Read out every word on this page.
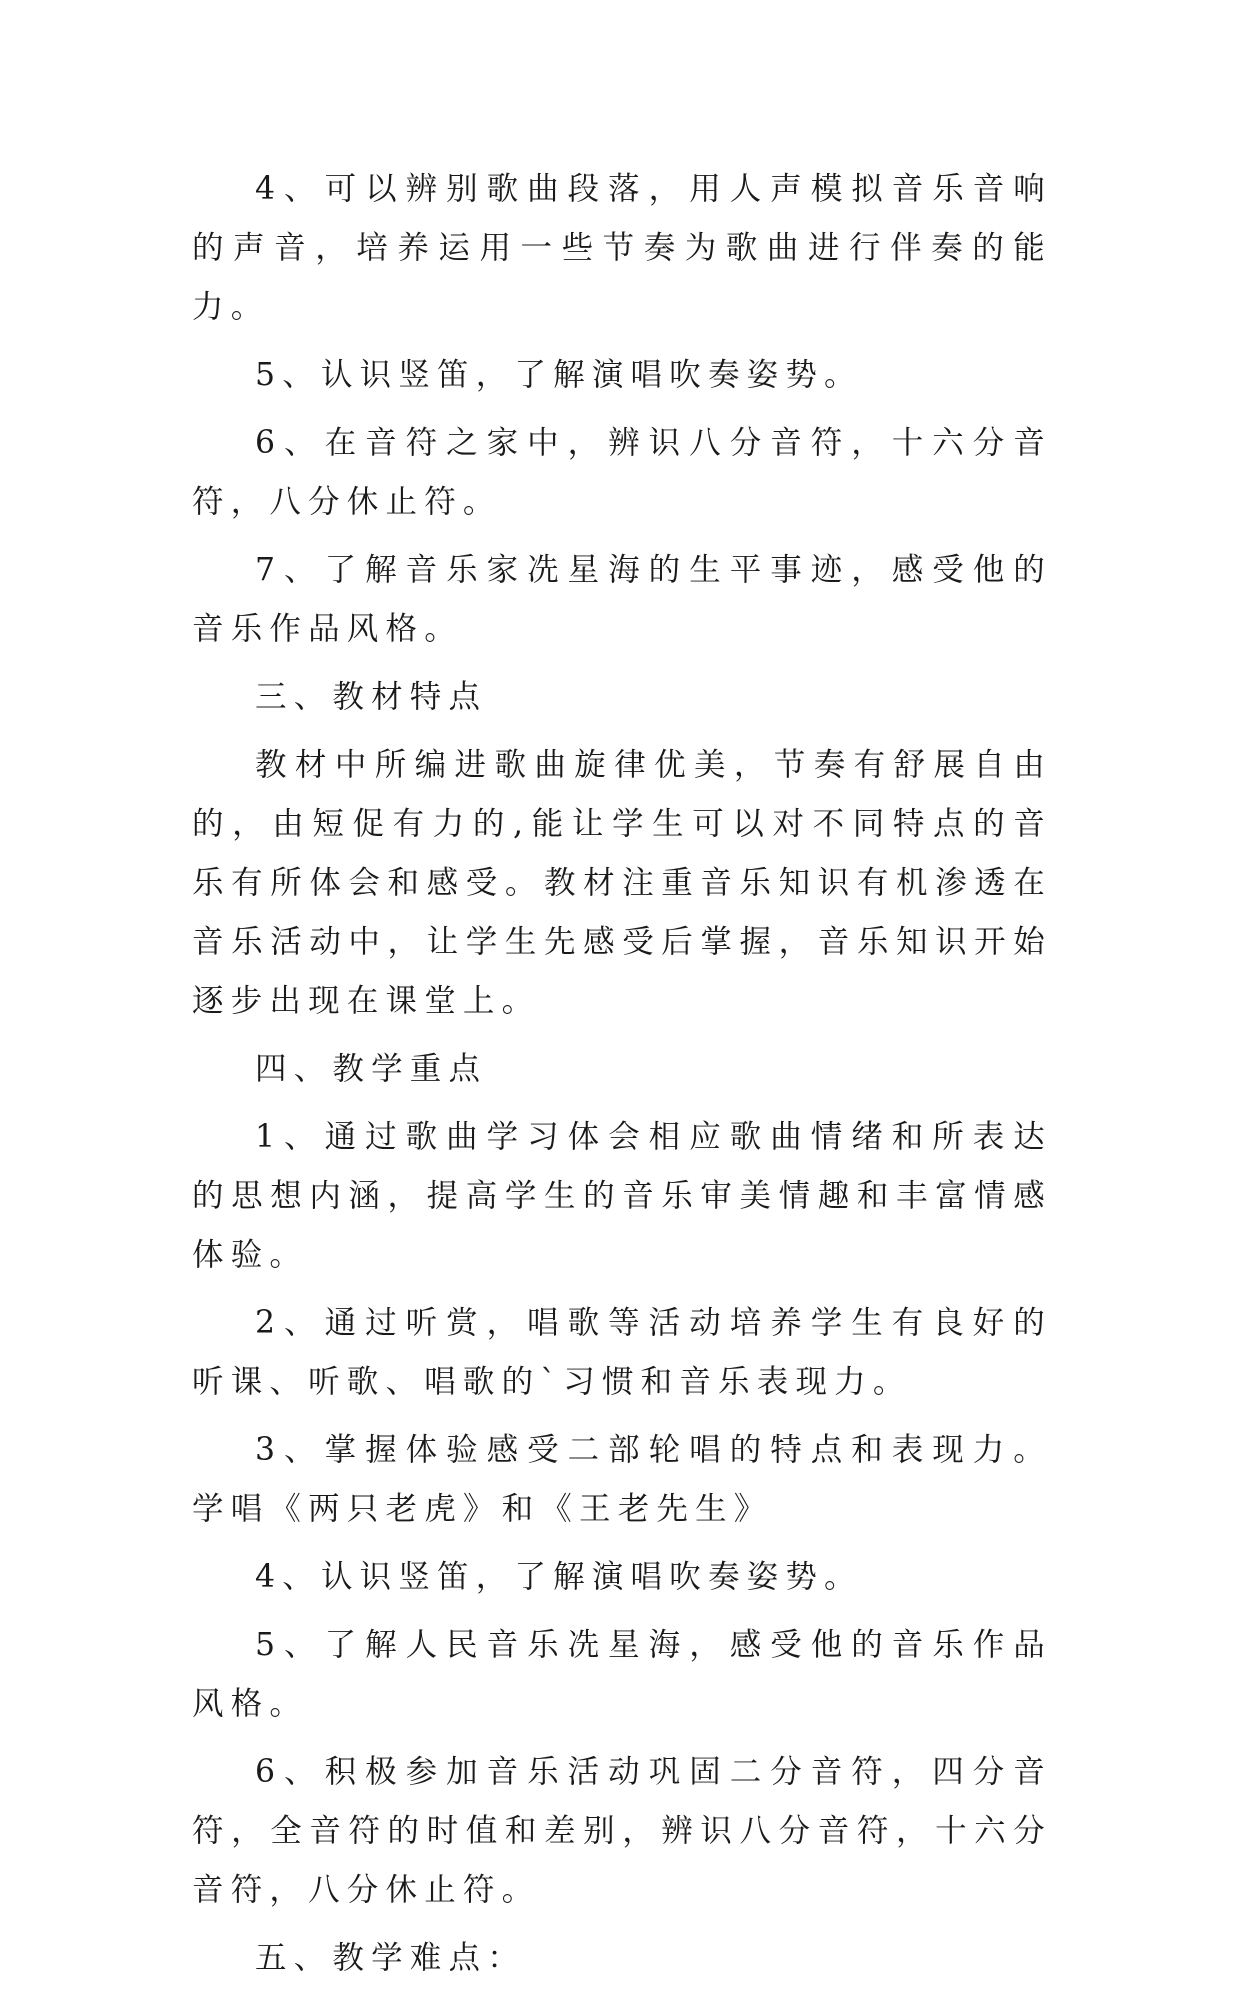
4、可以辨别歌曲段落，用人声模拟音乐音响的声音，培养运用一些节奏为歌曲进行伴奏的能力。

5、认识竖笛，了解演唱吹奏姿势。

6、在音符之家中，辨识八分音符，十六分音符，八分休止符。

7、了解音乐家冼星海的生平事迹，感受他的音乐作品风格。

三、教材特点

教材中所编进歌曲旋律优美，节奏有舒展自由的，由短促有力的,能让学生可以对不同特点的音乐有所体会和感受。教材注重音乐知识有机渗透在音乐活动中，让学生先感受后掌握，音乐知识开始逐步出现在课堂上。

四、教学重点

1、通过歌曲学习体会相应歌曲情绪和所表达的思想内涵，提高学生的音乐审美情趣和丰富情感体验。

2、通过听赏，唱歌等活动培养学生有良好的听课、听歌、唱歌的`习惯和音乐表现力。

3、掌握体验感受二部轮唱的特点和表现力。学唱《两只老虎》和《王老先生》

4、认识竖笛，了解演唱吹奏姿势。

5、了解人民音乐冼星海，感受他的音乐作品风格。

6、积极参加音乐活动巩固二分音符，四分音符，全音符的时值和差别，辨识八分音符，十六分音符，八分休止符。

五、教学难点：
